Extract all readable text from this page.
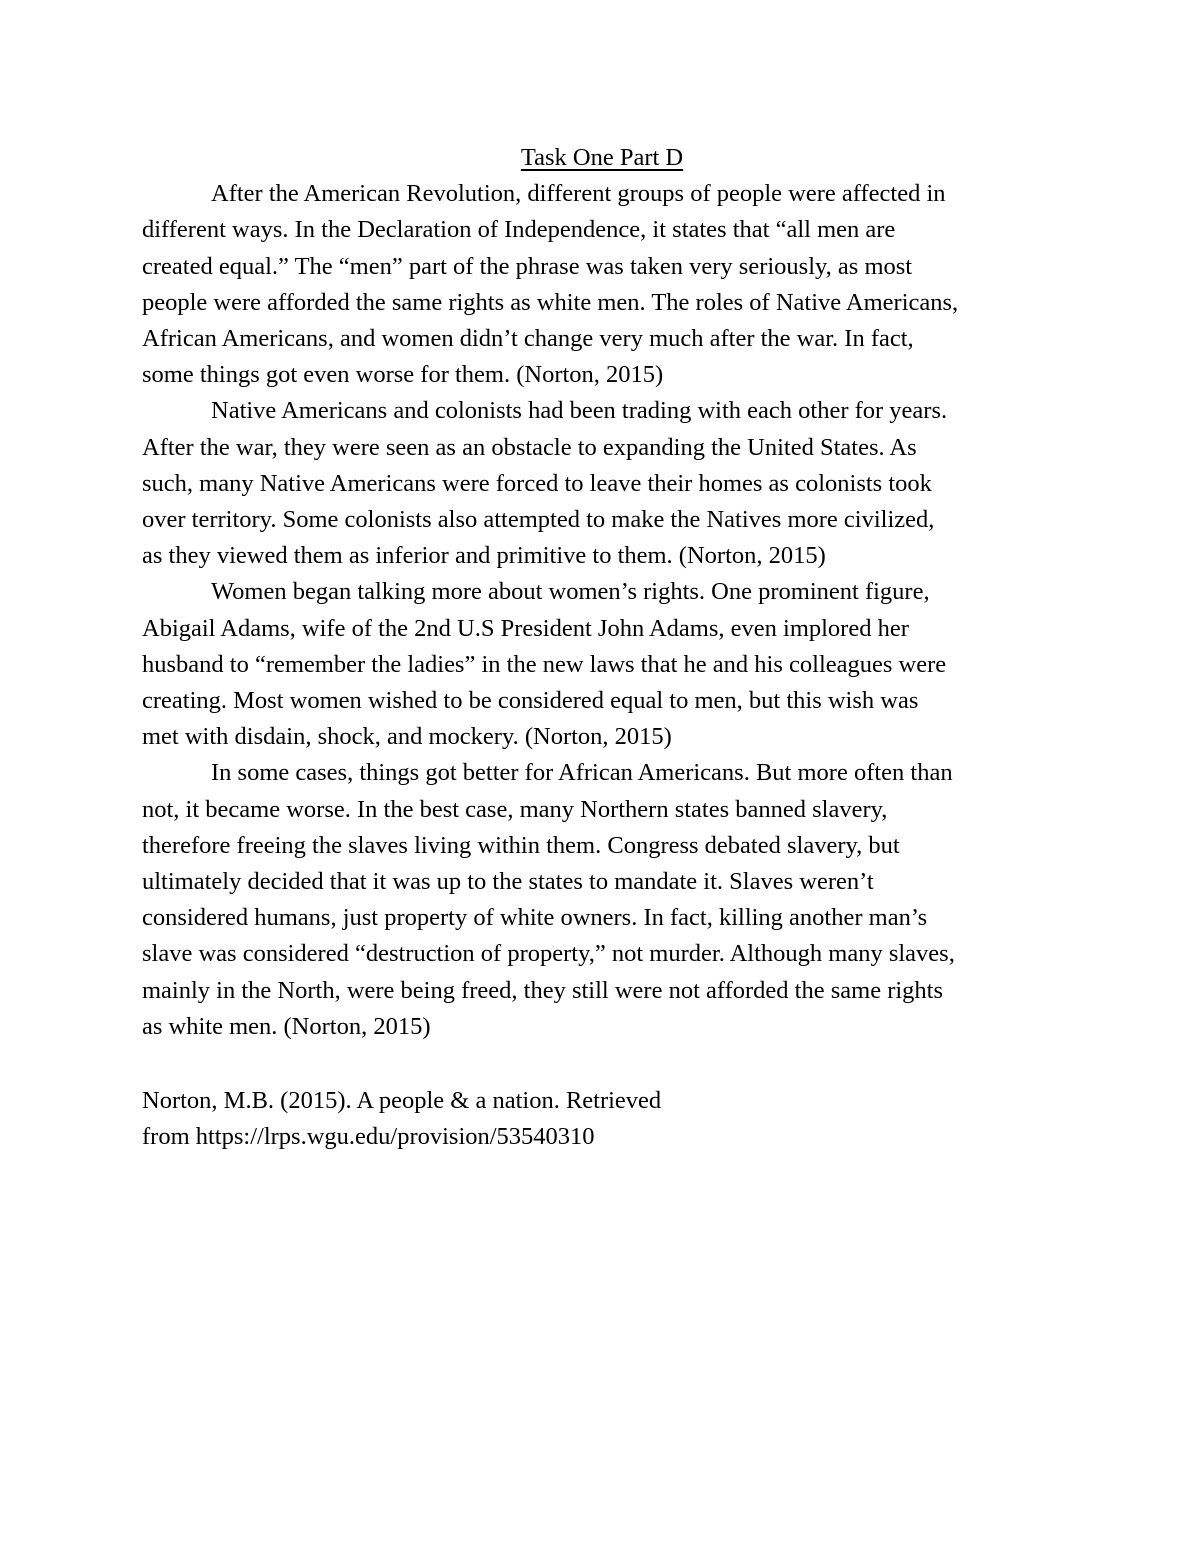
Task One Part D

After the American Revolution, different groups of people were affected in
different ways. In the Declaration of Independence, it states that “all men are
created equal.” The “men” part of the phrase was taken very seriously, as most
people were afforded the same rights as white men. The roles of Native Americans,
African Americans, and women didn’t change very much after the war. In fact,
some things got even worse for them. (Norton, 2015)

Native Americans and colonists had been trading with each other for years.
After the war, they were seen as an obstacle to expanding the United States. As
such, many Native Americans were forced to leave their homes as colonists took
over territory. Some colonists also attempted to make the Natives more civilized,
as they viewed them as inferior and primitive to them. (Norton, 2015)

Women began talking more about women’s rights. One prominent figure,
Abigail Adams, wife of the 2nd U.S President John Adams, even implored her
husband to “remember the ladies” in the new laws that he and his colleagues were
creating. Most women wished to be considered equal to men, but this wish was
met with disdain, shock, and mockery. (Norton, 2015)

In some cases, things got better for African Americans. But more often than
not, it became worse. In the best case, many Northern states banned slavery,
therefore freeing the slaves living within them. Congress debated slavery, but
ultimately decided that it was up to the states to mandate it. Slaves weren’t
considered humans, just property of white owners. In fact, killing another man’s
slave was considered “destruction of property,” not murder. Although many slaves,
mainly in the North, were being freed, they still were not afforded the same rights
as white men. (Norton, 2015)

Norton, M.B. (2015). A people & a nation. Retrieved
from https://lrps.wgu.edu/provision/53540310
